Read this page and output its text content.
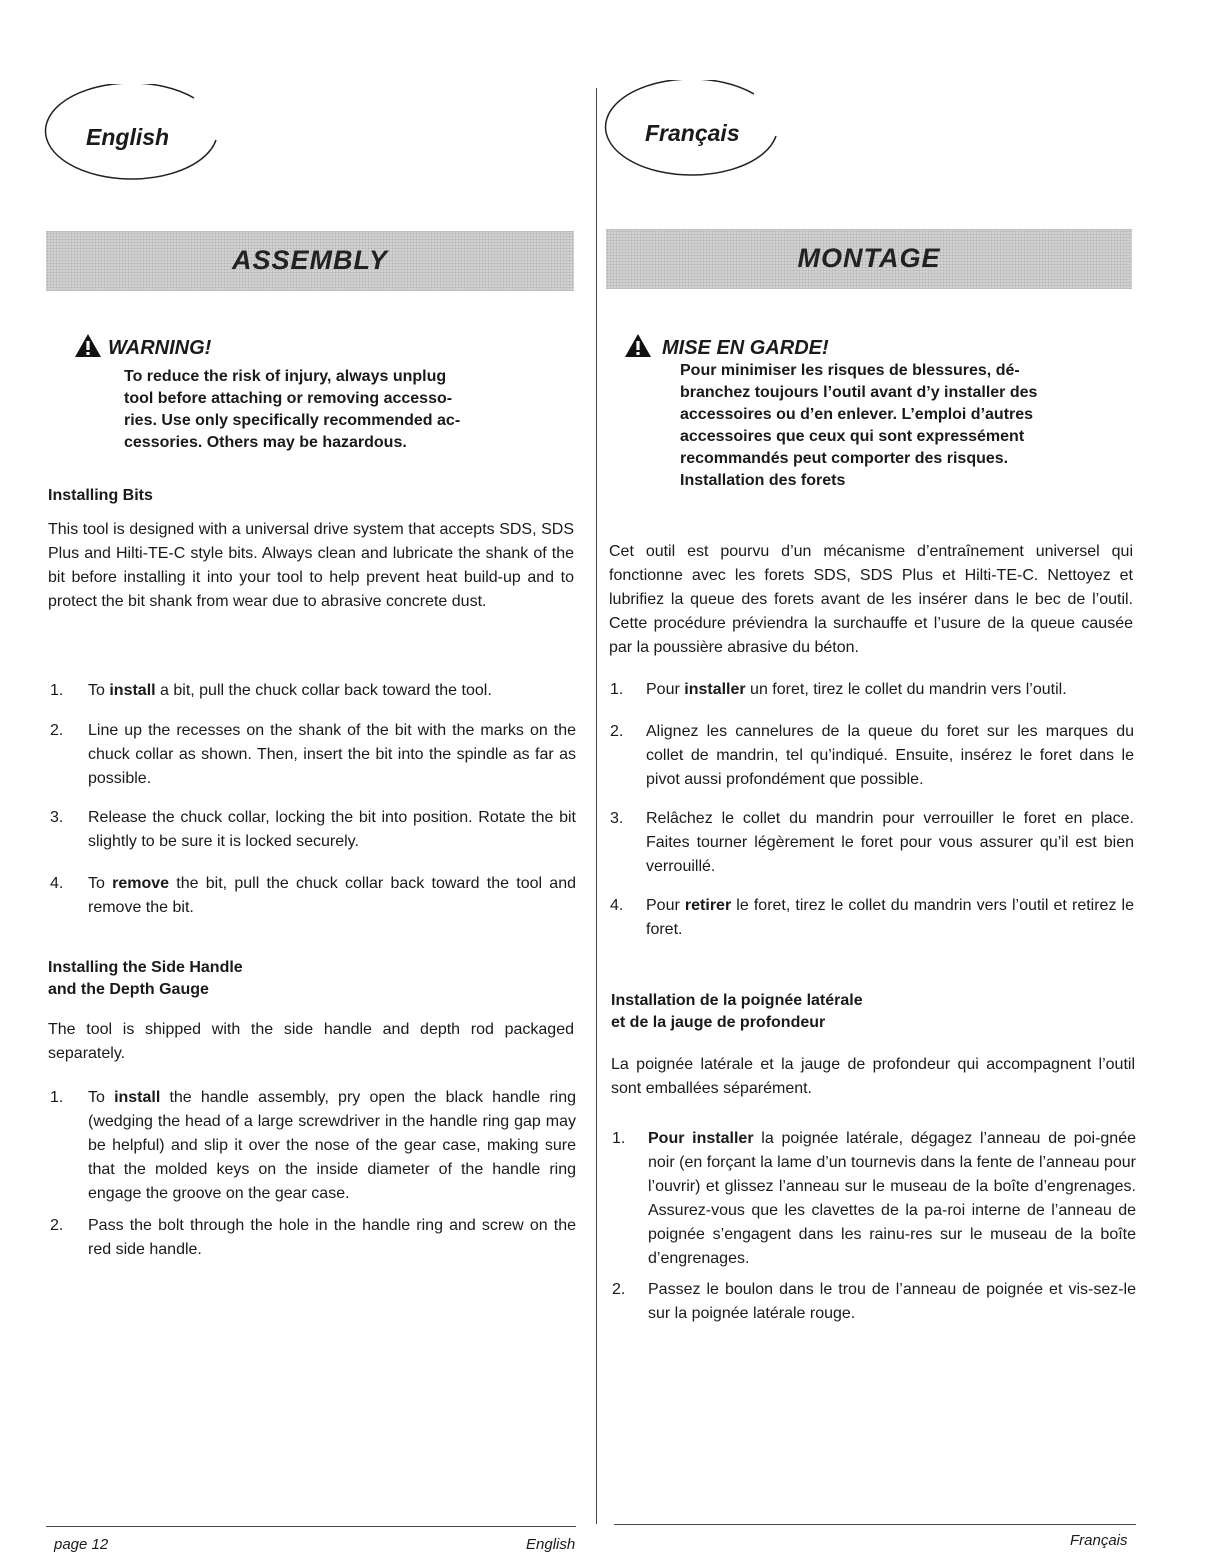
English
ASSEMBLY
WARNING!
To reduce the risk of injury, always unplug
tool before attaching or removing accesso-
ries. Use only specifically recommended ac-
cessories. Others may be hazardous.
Installing Bits
This tool is designed with a universal drive system that accepts SDS, SDS Plus and Hilti-TE-C style bits. Always clean and lubricate the shank of the bit before installing it into your tool to help prevent heat build-up and to protect the bit shank from wear due to abrasive concrete dust.
1. To install a bit, pull the chuck collar back toward the tool.
2. Line up the recesses on the shank of the bit with the marks on the chuck collar as shown. Then, insert the bit into the spindle as far as possible.
3. Release the chuck collar, locking the bit into position. Rotate the bit slightly to be sure it is locked securely.
4. To remove the bit, pull the chuck collar back toward the tool and remove the bit.
Installing the Side Handle
and the Depth Gauge
The tool is shipped with the side handle and depth rod packaged separately.
1. To install the handle assembly, pry open the black handle ring (wedging the head of a large screwdriver in the handle ring gap may be helpful) and slip it over the nose of the gear case, making sure that the molded keys on the inside diameter of the handle ring engage the groove on the gear case.
2. Pass the bolt through the hole in the handle ring and screw on the red side handle.
page 12	English
Français
MONTAGE
MISE EN GARDE!
Pour minimiser les risques de blessures, dé-
branchez toujours l’outil avant d’y installer des
accessoires ou d’en enlever. L’emploi d’autres
accessoires que ceux qui sont expressément
recommandés peut comporter des risques.
Installation des forets
Cet outil est pourvu d’un mécanisme d’entraînement universel qui fonctionne avec les forets SDS, SDS Plus et Hilti-TE-C. Nettoyez et lubrifiez la queue des forets avant de les insérer dans le bec de l’outil. Cette procédure préviendra la surchauffe et l’usure de la queue causée par la poussière abrasive du béton.
1. Pour installer un foret, tirez le collet du mandrin vers l’outil.
2. Alignez les cannelures de la queue du foret sur les marques du collet de mandrin, tel qu’indiqué. Ensuite, insérez le foret dans le pivot aussi profondément que possible.
3. Relâchez le collet du mandrin pour verrouiller le foret en place. Faites tourner légèrement le foret pour vous assurer qu’il est bien verrouillé.
4. Pour retirer le foret, tirez le collet du mandrin vers l’outil et retirez le foret.
Installation de la poignée latérale
et de la jauge de profondeur
La poignée latérale et la jauge de profondeur qui accompagnent l’outil sont emballées séparément.
1. Pour installer la poignée latérale, dégagez l’anneau de poi-gnée noir (en forçant la lame d’un tournevis dans la fente de l’anneau pour l’ouvrir) et glissez l’anneau sur le museau de la boîte d’engrenages. Assurez-vous que les clavettes de la pa-roi interne de l’anneau de poignée s’engagent dans les rainu-res sur le museau de la boîte d’engrenages.
2. Passez le boulon dans le trou de l’anneau de poignée et vis-sez-le sur la poignée latérale rouge.
Français
